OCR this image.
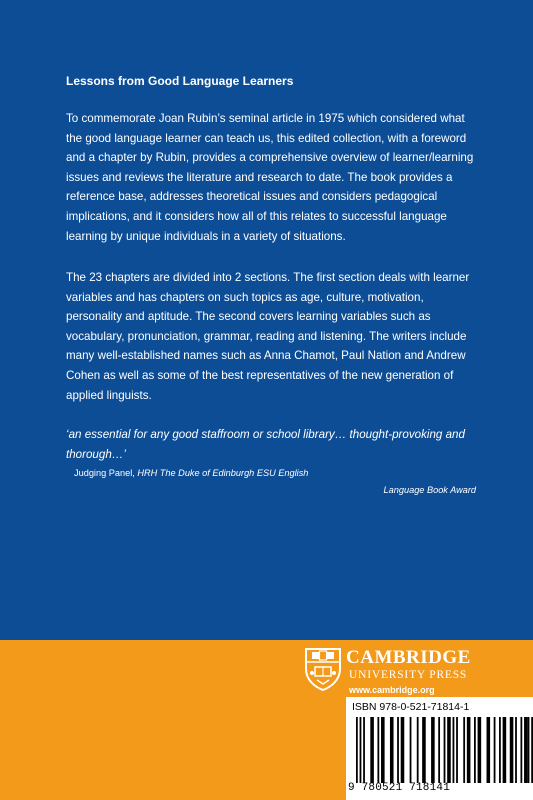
Lessons from Good Language Learners

To commemorate Joan Rubin’s seminal article in 1975 which considered what the good language learner can teach us, this edited collection, with a foreword and a chapter by Rubin, provides a comprehensive overview of learner/learning issues and reviews the literature and research to date. The book provides a reference base, addresses theoretical issues and considers pedagogical implications, and it considers how all of this relates to successful language learning by unique individuals in a variety of situations.

The 23 chapters are divided into 2 sections. The first section deals with learner variables and has chapters on such topics as age, culture, motivation, personality and aptitude. The second covers learning variables such as vocabulary, pronunciation, grammar, reading and listening. The writers include many well-established names such as Anna Chamot, Paul Nation and Andrew Cohen as well as some of the best representatives of the new generation of applied linguists.

‘an essential for any good staffroom or school library… thought-provoking and thorough…’

Judging Panel, HRH The Duke of Edinburgh ESU English

Language Book Award

CAMBRIDGE

UNIVERSITY PRESS

www.cambridge.org

ISBN 978-0-521-71814-1

9 780521 718141
